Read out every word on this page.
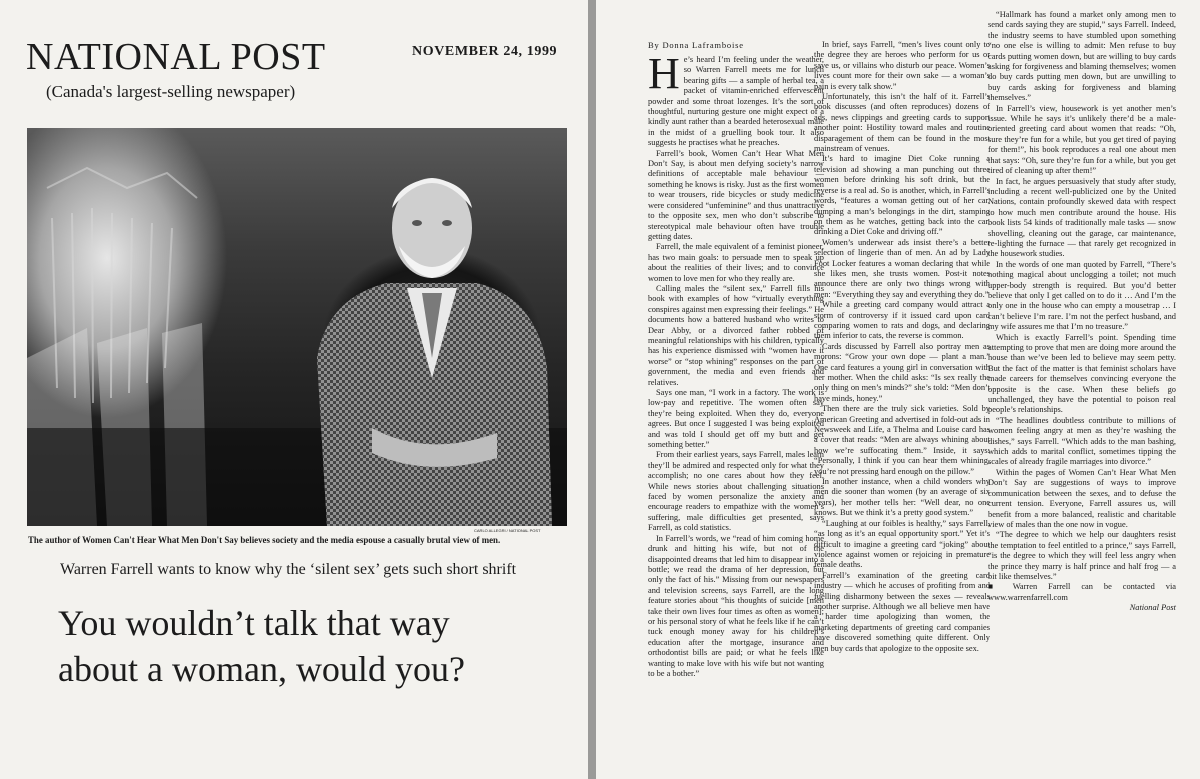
NATIONAL POST
(Canada's largest-selling newspaper)
NOVEMBER 24, 1999
CARLO ALLEGRI / NATIONAL POST
The author of Women Can't Hear What Men Don't Say believes society and the media espouse a casually brutal view of men.
Warren Farrell wants to know why the ‘silent sex’ gets such short shrift
You wouldn’t talk that way
about a woman, would you?
By Donna Laframboise

He’s heard I’m feeling under the weather, so Warren Farrell meets me for lunch bearing gifts — a sample of herbal tea, a packet of vitamin-enriched effervescent powder and some throat lozenges. It’s the sort of thoughtful, nurturing gesture one might expect of a kindly aunt rather than a bearded heterosexual male in the midst of a gruelling book tour. It also suggests he practises what he preaches.

Farrell’s book, Women Can’t Hear What Men Don’t Say, is about men defying society’s narrow definitions of acceptable male behaviour — something he knows is risky. Just as the first women to wear trousers, ride bicycles or study medicine were considered “unfeminine” and thus unattractive to the opposite sex, men who don’t subscribe to stereotypical male behaviour often have trouble getting dates.

Farrell, the male equivalent of a feminist pioneer, has two main goals: to persuade men to speak up about the realities of their lives; and to convince women to love men for who they really are.

Calling males the “silent sex,” Farrell fills his book with examples of how “virtually everything conspires against men expressing their feelings.” He documents how a battered husband who writes to Dear Abby, or a divorced father robbed of meaningful relationships with his children, typically has his experience dismissed with “women have it worse” or “stop whining” responses on the part of government, the media and even friends and relatives.

Says one man, “I work in a factory. The work is low-pay and repetitive. The women often say they’re being exploited. When they do, everyone agrees. But once I suggested I was being exploited and was told I should get off my butt and get something better.”

From their earliest years, says Farrell, males learn they’ll be admired and respected only for what they accomplish; no one cares about how they feel. While news stories about challenging situations faced by women personalize the anxiety and encourage readers to empathize with the women’s suffering, male difficulties get presented, says Farrell, as cold statistics.

In Farrell’s words, we “read of him coming home drunk and hitting his wife, but not of the disappointed dreams that led him to disappear into a bottle; we read the drama of her depression, but only the fact of his.” Missing from our newspapers and television screens, says Farrell, are the long feature stories about “his thoughts of suicide [men take their own lives four times as often as women]; or his personal story of what he feels like if he can’t tuck enough money away for his children’s education after the mortgage, insurance and orthodontist bills are paid; or what he feels like wanting to make love with his wife but not wanting to be a bother.”

In brief, says Farrell, “men’s lives count only to the degree they are heroes who perform for us or save us, or villains who disturb our peace. Women’s lives count more for their own sake — a woman’s pain is every talk show.”

Unfortunately, this isn’t the half of it. Farrell’s book discusses (and often reproduces) dozens of ads, news clippings and greeting cards to support another point: Hostility toward males and routine disparagement of them can be found in the most mainstream of venues.

It’s hard to imagine Diet Coke running a television ad showing a man punching out three women before drinking his soft drink, but the reverse is a real ad. So is another, which, in Farrell’s words, “features a woman getting out of her car, dumping a man’s belongings in the dirt, stamping on them as he watches, getting back into the car, drinking a Diet Coke and driving off.”

Women’s underwear ads insist there’s a better selection of lingerie than of men. An ad by Lady Foot Locker features a woman declaring that while she likes men, she trusts women. Post-it notes announce there are only two things wrong with men: “Everything they say and everything they do.”

While a greeting card company would attract a storm of controversy if it issued card upon card comparing women to rats and dogs, and declaring them inferior to cats, the reverse is common.

Cards discussed by Farrell also portray men as morons: “Grow your own dope — plant a man.” One card features a young girl in conversation with her mother. When the child asks: “Is sex really the only thing on men’s minds?” she’s told: “Men don’t have minds, honey.”

Then there are the truly sick varieties. Sold by American Greeting and advertised in fold-out ads in Newsweek and Life, a Thelma and Louise card has a cover that reads: “Men are always whining about how we’re suffocating them.” Inside, it says: “Personally, I think if you can hear them whining, you’re not pressing hard enough on the pillow.”

In another instance, when a child wonders why men die sooner than women (by an average of six years), her mother tells her: “Well dear, no one knows. But we think it’s a pretty good system.”

“Laughing at our foibles is healthy,” says Farrell, “as long as it’s an equal opportunity sport.” Yet it’s difficult to imagine a greeting card “joking” about violence against women or rejoicing in premature female deaths.

Farrell’s examination of the greeting card industry — which he accuses of profiting from and fuelling disharmony between the sexes — reveals another surprise. Although we all believe men have a harder time apologizing than women, the marketing departments of greeting card companies have discovered something quite different. Only men buy cards that apologize to the opposite sex.

“Hallmark has found a market only among men to send cards saying they are stupid,” says Farrell. Indeed, the industry seems to have stumbled upon something “no one else is willing to admit: Men refuse to buy cards putting women down, but are willing to buy cards asking for forgiveness and blaming themselves; women do buy cards putting men down, but are unwilling to buy cards asking for forgiveness and blaming themselves.”

In Farrell’s view, housework is yet another men’s issue. While he says it’s unlikely there’d be a male-oriented greeting card about women that reads: “Oh, sure they’re fun for a while, but you get tired of paying for them!”, his book reproduces a real one about men that says: “Oh, sure they’re fun for a while, but you get tired of cleaning up after them!”

In fact, he argues persuasively that study after study, including a recent well-publicized one by the United Nations, contain profoundly skewed data with respect to how much men contribute around the house. His book lists 54 kinds of traditionally male tasks — snow shovelling, cleaning out the garage, car maintenance, re-lighting the furnace — that rarely get recognized in the housework studies.

In the words of one man quoted by Farrell, “There’s nothing magical about unclogging a toilet; not much upper-body strength is required. But you’d better believe that only I get called on to do it … And I’m the only one in the house who can empty a mousetrap … I can’t believe I’m rare. I’m not the perfect husband, and my wife assures me that I’m no treasure.”

Which is exactly Farrell’s point. Spending time attempting to prove that men are doing more around the house than we’ve been led to believe may seem petty. But the fact of the matter is that feminist scholars have made careers for themselves convincing everyone the opposite is the case. When these beliefs go unchallenged, they have the potential to poison real people’s relationships.

“The headlines doubtless contribute to millions of women feeling angry at men as they’re washing the dishes,” says Farrell. “Which adds to the man bashing, which adds to marital conflict, sometimes tipping the scales of already fragile marriages into divorce.”

Within the pages of Women Can’t Hear What Men Don’t Say are suggestions of ways to improve communication between the sexes, and to defuse the current tension. Everyone, Farrell assures us, will benefit from a more balanced, realistic and charitable view of males than the one now in vogue.

“The degree to which we help our daughters resist the temptation to feel entitled to a prince,” says Farrell, “is the degree to which they will feel less angry when the prince they marry is half prince and half frog — a bit like themselves.”

■ Warren Farrell can be contacted via www.warrenfarrell.com

National Post
